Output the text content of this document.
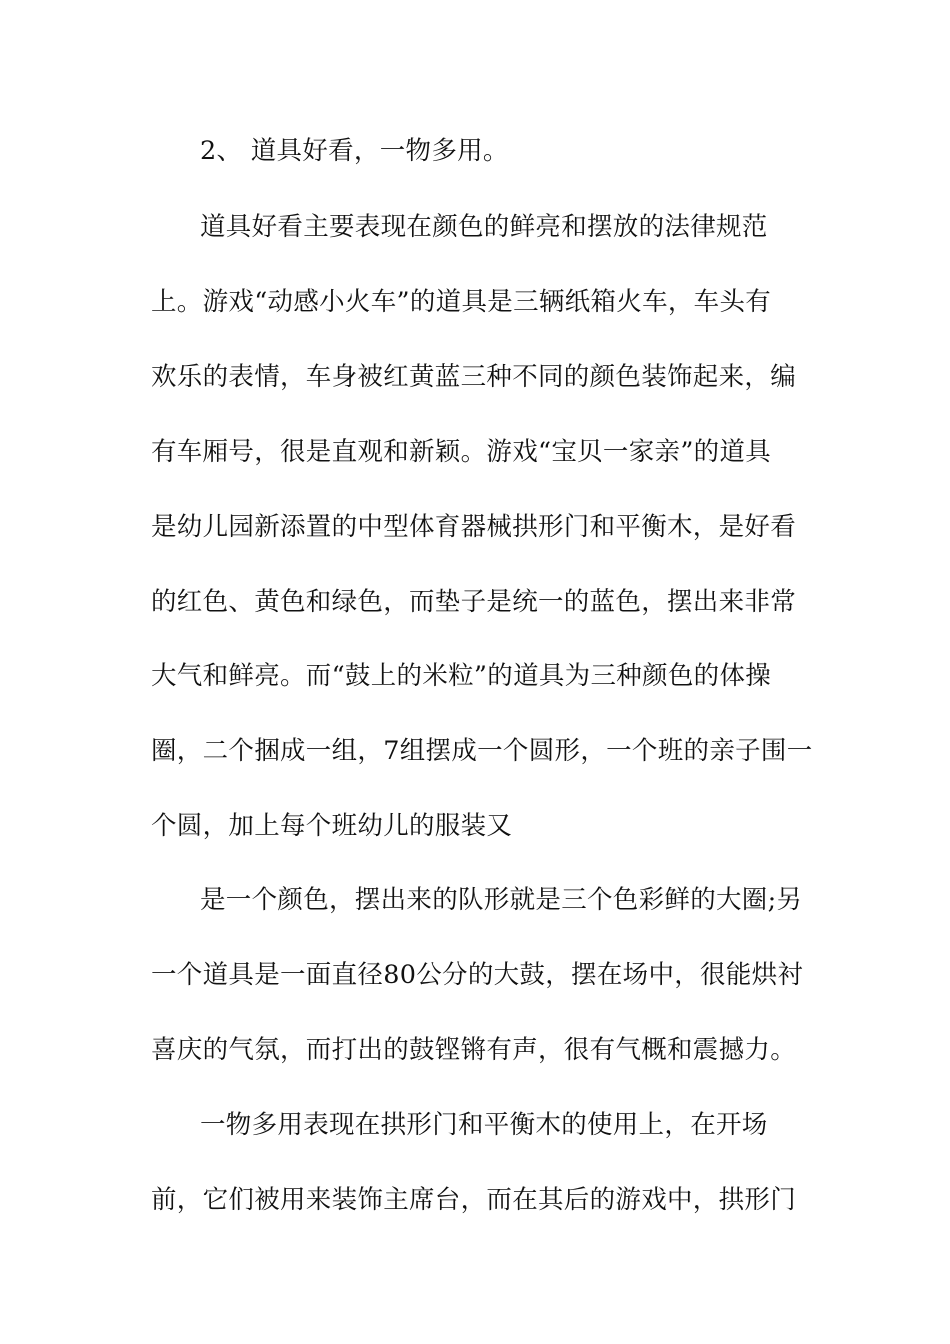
2、 道具好看，一物多用。
道具好看主要表现在颜色的鲜亮和摆放的法律规范
上。游戏“动感小火车”的道具是三辆纸箱火车，车头有
欢乐的表情，车身被红黄蓝三种不同的颜色装饰起来，编
有车厢号，很是直观和新颖。游戏“宝贝一家亲”的道具
是幼儿园新添置的中型体育器械拱形门和平衡木，是好看
的红色、黄色和绿色，而垫子是统一的蓝色，摆出来非常
大气和鲜亮。而“鼓上的米粒”的道具为三种颜色的体操
圈，二个捆成一组，7组摆成一个圆形，一个班的亲子围一
个圆，加上每个班幼儿的服装又
是一个颜色，摆出来的队形就是三个色彩鲜的大圈;另
一个道具是一面直径80公分的大鼓，摆在场中，很能烘衬
喜庆的气氛，而打出的鼓铿锵有声，很有气概和震撼力。
一物多用表现在拱形门和平衡木的使用上，在开场
前，它们被用来装饰主席台，而在其后的游戏中，拱形门
